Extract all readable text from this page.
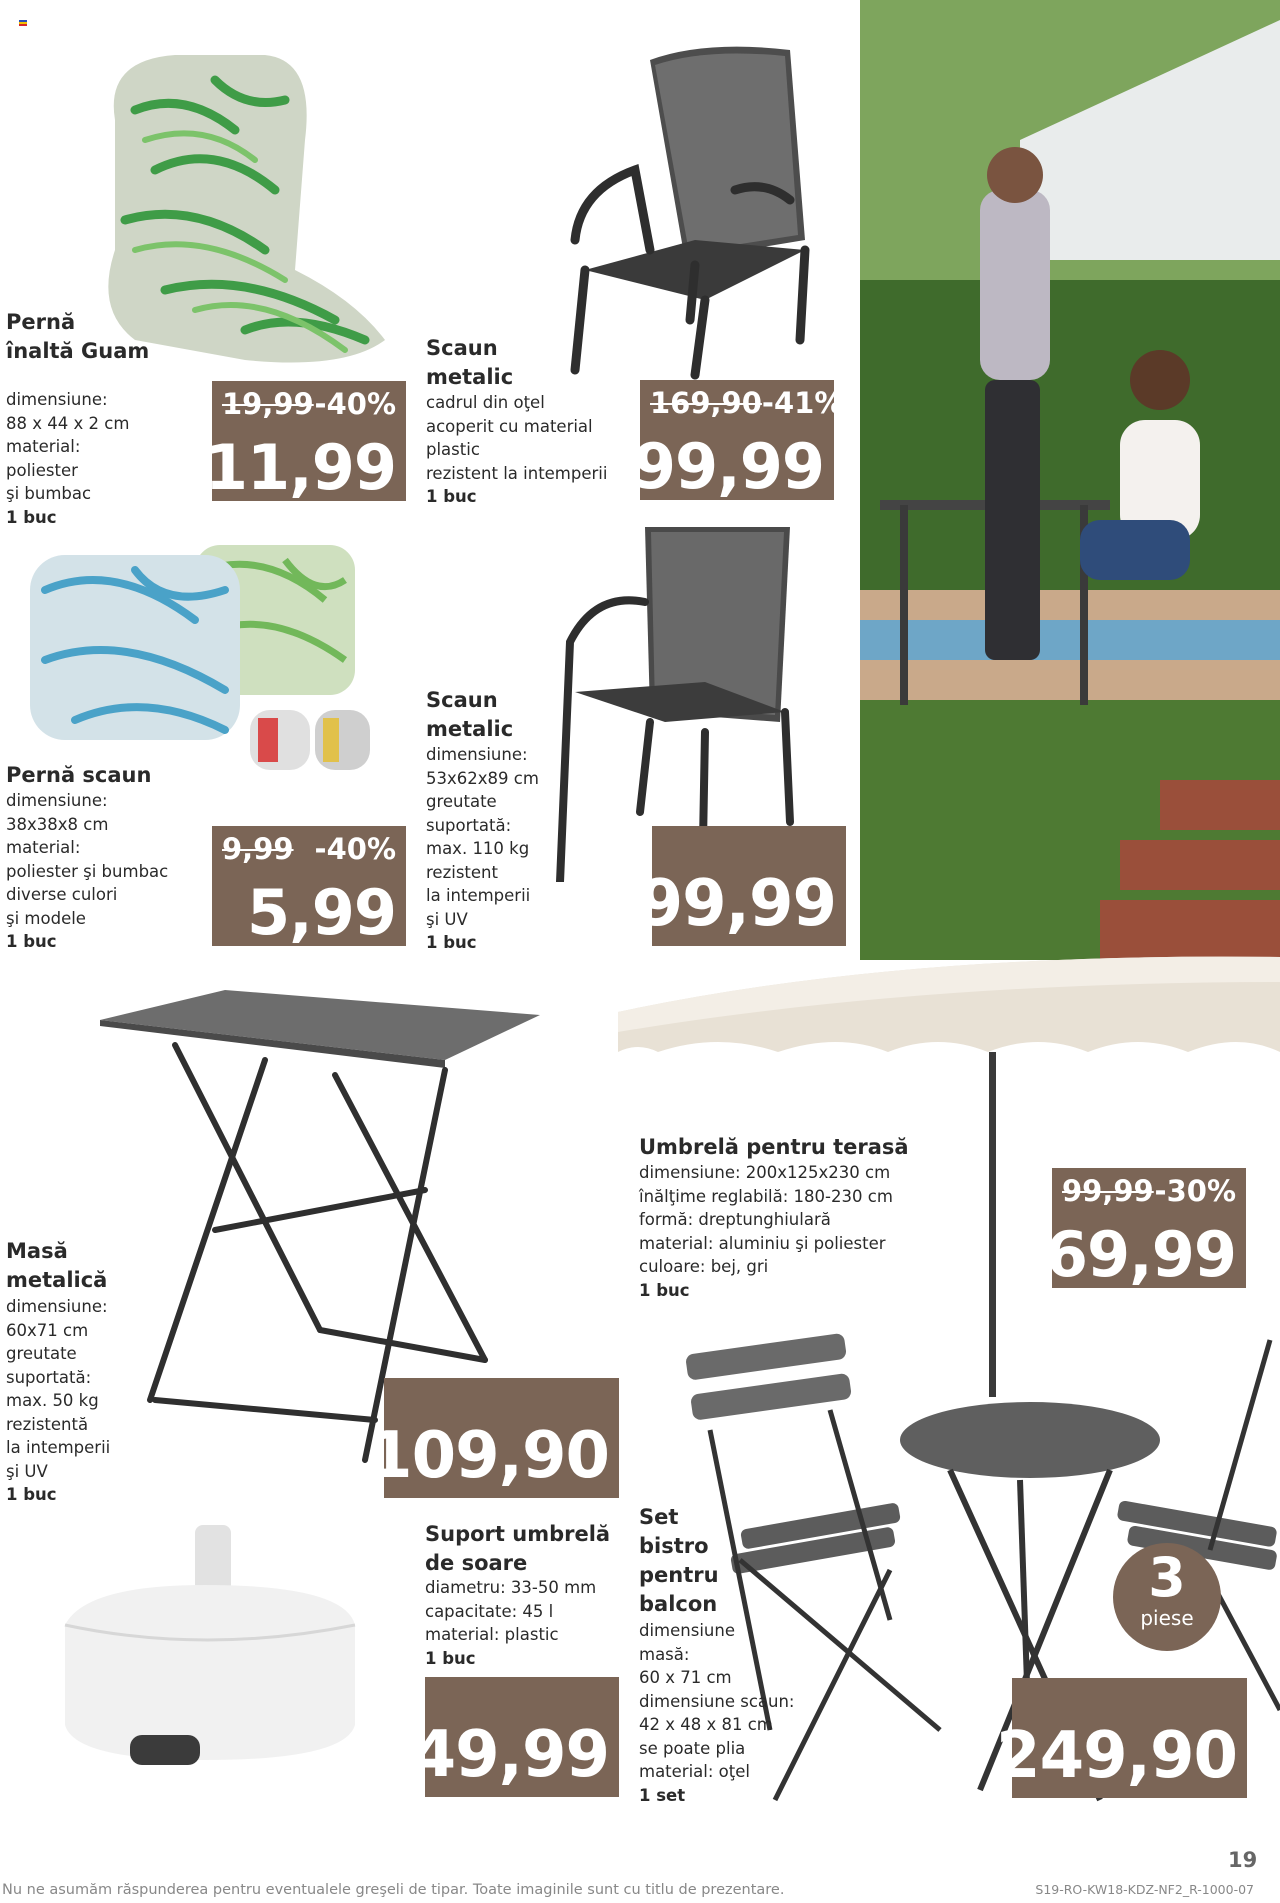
Pernă
înaltă Guam
dimensiune:
88 x 44 x 2 cm
material:
poliester
şi bumbac
1 buc
19,99 -40%
11,99
Scaun
metalic
cadrul din oţel
acoperit cu material
plastic
rezistent la intemperii
1 buc
169,90 -41%
99,99
Pernă scaun
dimensiune:
38x38x8 cm
material:
poliester şi bumbac
diverse culori
şi modele
1 buc
9,99 -40%
5,99
Scaun
metalic
dimensiune:
53x62x89 cm
greutate
suportată:
max. 110 kg
rezistent
la intemperii
şi UV
1 buc
99,99
Umbrelă pentru terasă
dimensiune: 200x125x230 cm
înălţime reglabilă: 180-230 cm
formă: dreptunghiulară
material: aluminiu şi poliester
culoare: bej, gri
1 buc
99,99 -30%
69,99
Masă
metalică
dimensiune:
60x71 cm
greutate
suportată:
max. 50 kg
rezistentă
la intemperii
şi UV
1 buc
109,90
Suport umbrelă
de soare
diametru: 33-50 mm
capacitate: 45 l
material: plastic
1 buc
49,99
Set
bistro
pentru
balcon
dimensiune
masă:
60 x 71 cm
dimensiune scaun:
42 x 48 x 81 cm
se poate plia
material: oţel
1 set
3
piese
249,90
19
Nu ne asumăm răspunderea pentru eventualele greşeli de tipar. Toate imaginile sunt cu titlu de prezentare.	S19-RO-KW18-KDZ-NF2_R-1000-07
